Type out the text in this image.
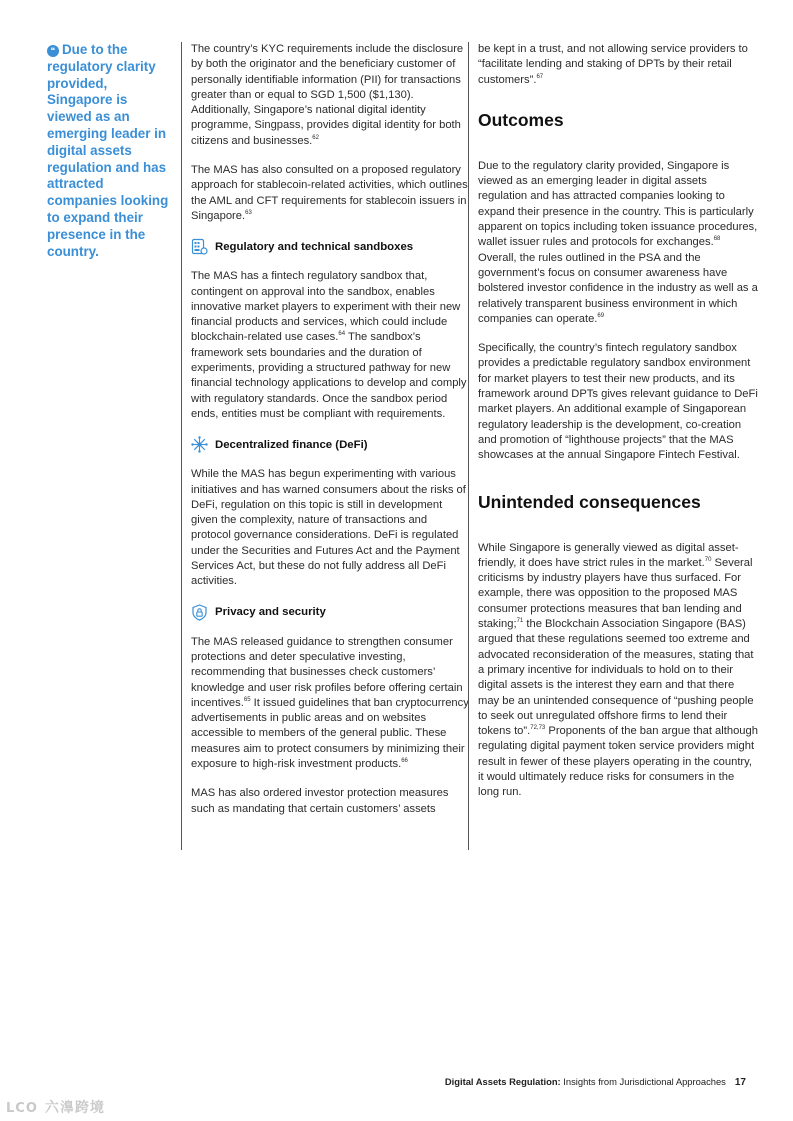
❝ Due to the regulatory clarity provided, Singapore is viewed as an emerging leader in digital assets regulation and has attracted companies looking to expand their presence in the country.

The country’s KYC requirements include the disclosure by both the originator and the beneficiary customer of personally identifiable information (PII) for transactions greater than or equal to SGD 1,500 ($1,130). Additionally, Singapore’s national digital identity programme, Singpass, provides digital identity for both citizens and businesses.$^{62}$

The MAS has also consulted on a proposed regulatory approach for stablecoin-related activities, which outlines the AML and CFT requirements for stablecoin issuers in Singapore.$^{63}$

Regulatory and technical sandboxes

The MAS has a fintech regulatory sandbox that, contingent on approval into the sandbox, enables innovative market players to experiment with their new financial products and services, which could include blockchain-related use cases.$^{64}$ The sandbox’s framework sets boundaries and the duration of experiments, providing a structured pathway for new financial technology applications to develop and comply with regulatory standards. Once the sandbox period ends, entities must be compliant with requirements.

Decentralized finance (DeFi)

While the MAS has begun experimenting with various initiatives and has warned consumers about the risks of DeFi, regulation on this topic is still in development given the complexity, nature of transactions and protocol governance considerations. DeFi is regulated under the Securities and Futures Act and the Payment Services Act, but these do not fully address all DeFi activities.

Privacy and security

The MAS released guidance to strengthen consumer protections and deter speculative investing, recommending that businesses check customers’ knowledge and user risk profiles before offering certain incentives.$^{65}$ It issued guidelines that ban cryptocurrency advertisements in public areas and on websites accessible to members of the general public. These measures aim to protect consumers by minimizing their exposure to high-risk investment products.$^{66}$

MAS has also ordered investor protection measures such as mandating that certain customers’ assets

be kept in a trust, and not allowing service providers to “facilitate lending and staking of DPTs by their retail customers”.$^{67}$

Outcomes

Due to the regulatory clarity provided, Singapore is viewed as an emerging leader in digital assets regulation and has attracted companies looking to expand their presence in the country. This is particularly apparent on topics including token issuance procedures, wallet issuer rules and protocols for exchanges.$^{68}$ Overall, the rules outlined in the PSA and the government’s focus on consumer awareness have bolstered investor confidence in the industry as well as a relatively transparent business environment in which companies can operate.$^{69}$

Specifically, the country’s fintech regulatory sandbox provides a predictable regulatory sandbox environment for market players to test their new products, and its framework around DPTs gives relevant guidance to DeFi market players. An additional example of Singaporean regulatory leadership is the development, co-creation and promotion of “lighthouse projects” that the MAS showcases at the annual Singapore Fintech Festival.

Unintended consequences

While Singapore is generally viewed as digital asset-friendly, it does have strict rules in the market.$^{70}$ Several criticisms by industry players have thus surfaced. For example, there was opposition to the proposed MAS consumer protections measures that ban lending and staking;$^{71}$ the Blockchain Association Singapore (BAS) argued that these regulations seemed too extreme and advocated reconsideration of the measures, stating that a primary incentive for individuals to hold on to their digital assets is the interest they earn and that there may be an unintended consequence of “pushing people to seek out unregulated offshore firms to lend their tokens to”.$^{72,73}$ Proponents of the ban argue that although regulating digital payment token service providers might result in fewer of these players operating in the country, it would ultimately reduce risks for consumers in the long run.

Digital Assets Regulation: Insights from Jurisdictional Approaches 17
LCO 六𣿒跨境
